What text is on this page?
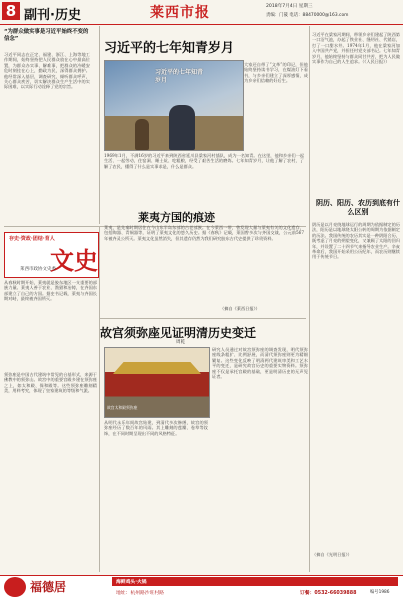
8 副刊·历史	莱西市报	2018年7月4日 星期三
责编：门筱 电话：88470000@163.com
“为群众做实事是习近平始终不变的信念”
习近平同志在正定、福建、浙江、上海等地工作期间，始终坚持把人民群众放在心中最高位置，为群众办实事、解难事，把群众的冷暖安危时刻挂在心上，勤政为民，深得群众拥护。他经常深入基层，调查研究，倾听群众呼声，关心群众疾苦，切实解决群众生产生活中的实际困难，以实际行动诠释了党的宗旨。
习近平的七年知青岁月
习近平的七年知青岁月
大家还自带了“文革”的印记，但他始终坚持读书学习，在煤油灯下看书，与乡亲们建立了深厚感情，成为乡亲们信赖的好后生。
习近平在梁家河期间，带领乡亲们建起了陕西第一口沼气池，办起了铁业社、缝纫社、代销店，打了一口甜水井。1974年1月，他在梁家河加入中国共产党，并担任村党支部书记。七年知青岁月，他始终坚持与群众同甘共苦，把为人民做实事作为自己的人生追求。（《人民日报》）
1969年1月，不满16岁的习近平来到陕西省延川县梁家河村插队，成为一名知青。在这里，他和乡亲们一起生活、一起劳动，住窑洞、睡土炕、吃粗粮，经受了艰苦生活的磨炼。七年知青岁月，让他了解了农村，了解了农民，懂得了什么是实事求是，什么是群众。
存史·资政·团结·育人
文史
莱西市政协文史委
从春秋时期开始，莱夷就是胶东地区一支重要的部族力量。莱夷人善于农业、渔猎和冶铸，在齐国东部建立了自己的方国。据史书记载，莱夷与齐国长期对峙，最终被齐国所灭。
莱夷方国的痕迹
莱夷，是先秦时期居住在今山东半岛东部的古老部族。在今莱西一带，曾发现大量与莱夷有关的文化遗存，包括陶器、青铜器等，证明了莱夷文化的悠久历史。据《春秋》记载，莱国曾多次与齐国交战，公元前567年被齐灵公所灭。莱夷文化虽然消失，但其遗存仍然为我们研究胶东古代史提供了珍贵资料。
（摘自《莱西日报》）
阴历、阳历、农历到底有什么区别
阴历是以月亮绕地球运行的周期为依据制定的历法，阳历是以地球绕太阳公转的周期为依据制定的历法。我国传统的农历其实是一种阴阳合历，既考虑了月亮的朔望变化，又兼顾了太阳的回归年，并设置了二十四节气来指导农业生产。辛亥革命后，我国开始采用公历纪年，而农历则继续用于传统节日。
（摘自《光明日报》）
故宫须弥座见证明清历史变迁
周乾
须弥座是中国古代建筑中常见的台基形式，来源于佛教中的须弥山。故宫中的重要宫殿多建在须弥座之上，如太和殿、保和殿等。这些须弥座雕刻精美，用料考究，体现了皇家建筑的等级和气派。
故宫太和殿须弥座
从明代永乐年间故宫始建，到清代多次修缮，故宫的须弥座经历了数百年的风雨。其上雕刻的莲瓣、卷草等纹饰，在不同时期呈现出不同的风格特征。
研究人员通过对故宫须弥座的调查发现，明代须弥座线条粗犷、比例舒展，而清代须弥座则更为精细繁复。这些变化反映了明清两代建筑审美和工艺水平的变迁，是研究故宫历史的重要实物资料。须弥座不仅是承托宫殿的基础，更是明清历史的无声见证者。
福德居	海鲜鸡头·火锅
地址：杭州路沙旺村路	订餐：0532-66039888	编号1986
